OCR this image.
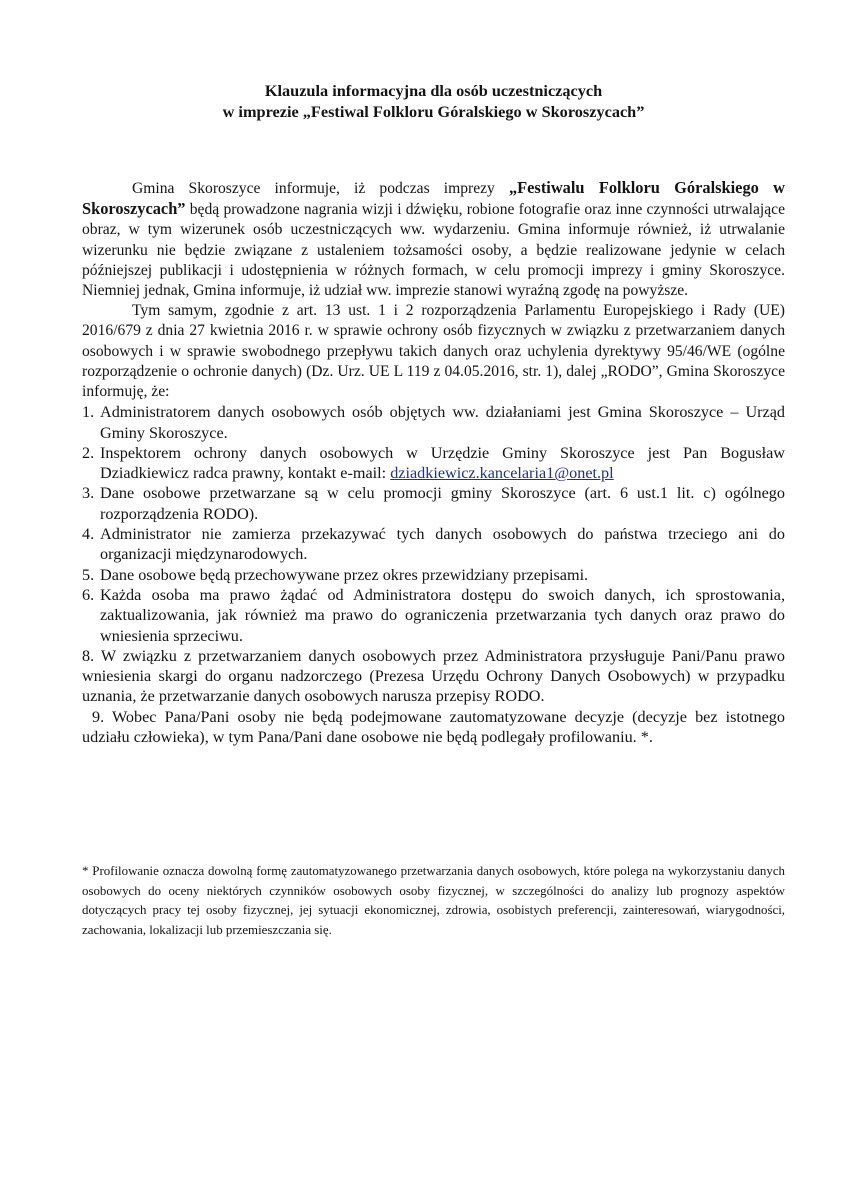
Klauzula informacyjna dla osób uczestniczących
w imprezie „Festiwal Folkloru Góralskiego w Skoroszycach”

Gmina Skoroszyce informuje, iż podczas imprezy „Festiwalu Folkloru Góralskiego w Skoroszycach” będą prowadzone nagrania wizji i dźwięku, robione fotografie oraz inne czynności utrwalające obraz, w tym wizerunek osób uczestniczących ww. wydarzeniu. Gmina informuje również, iż utrwalanie wizerunku nie będzie związane z ustaleniem tożsamości osoby, a będzie realizowane jedynie w celach późniejszej publikacji i udostępnienia w różnych formach, w celu promocji imprezy i gminy Skoroszyce. Niemniej jednak, Gmina informuje, iż udział ww. imprezie stanowi wyraźną zgodę na powyższe.

Tym samym, zgodnie z art. 13 ust. 1 i 2 rozporządzenia Parlamentu Europejskiego i Rady (UE) 2016/679 z dnia 27 kwietnia 2016 r. w sprawie ochrony osób fizycznych w związku z przetwarzaniem danych osobowych i w sprawie swobodnego przepływu takich danych oraz uchylenia dyrektywy 95/46/WE (ogólne rozporządzenie o ochronie danych) (Dz. Urz. UE L 119 z 04.05.2016, str. 1), dalej „RODO”, Gmina Skoroszyce informuję, że:

1. Administratorem danych osobowych osób objętych ww. działaniami jest Gmina Skoroszyce – Urząd Gminy Skoroszyce.
2. Inspektorem ochrony danych osobowych w Urzędzie Gminy Skoroszyce jest Pan Bogusław Dziadkiewicz radca prawny, kontakt e-mail: dziadkiewicz.kancelaria1@onet.pl
3. Dane osobowe przetwarzane są w celu promocji gminy Skoroszyce (art. 6 ust.1 lit. c) ogólnego rozporządzenia RODO).
4. Administrator nie zamierza przekazywać tych danych osobowych do państwa trzeciego ani do organizacji międzynarodowych.
5. Dane osobowe będą przechowywane przez okres przewidziany przepisami.
6. Każda osoba ma prawo żądać od Administratora dostępu do swoich danych, ich sprostowania, zaktualizowania, jak również ma prawo do ograniczenia przetwarzania tych danych oraz prawo do wniesienia sprzeciwu.

8. W związku z przetwarzaniem danych osobowych przez Administratora przysługuje Pani/Panu prawo wniesienia skargi do organu nadzorczego (Prezesa Urzędu Ochrony Danych Osobowych) w przypadku uznania, że przetwarzanie danych osobowych narusza przepisy RODO.

9. Wobec Pana/Pani osoby nie będą podejmowane zautomatyzowane decyzje (decyzje bez istotnego udziału człowieka), w tym Pana/Pani dane osobowe nie będą podlegały profilowaniu. *.

* Profilowanie oznacza dowolną formę zautomatyzowanego przetwarzania danych osobowych, które polega na wykorzystaniu danych osobowych do oceny niektórych czynników osobowych osoby fizycznej, w szczególności do analizy lub prognozy aspektów dotyczących pracy tej osoby fizycznej, jej sytuacji ekonomicznej, zdrowia, osobistych preferencji, zainteresowań, wiarygodności, zachowania, lokalizacji lub przemieszczania się.
